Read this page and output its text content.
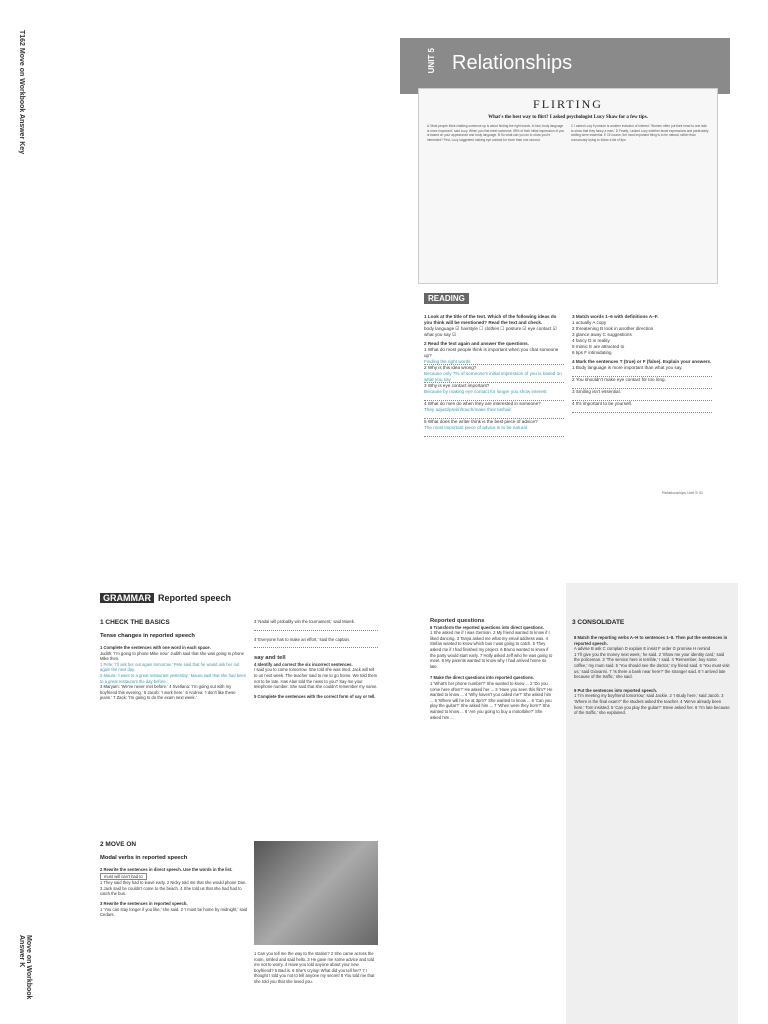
T162 Move on Workbook Answer Key
Move on Workbook Answer K
UNIT 5 Relationships
FLIRTING
What's the best way to flirt? I asked psychologist Lucy Shaw for a few tips.
A 'Most people think chatting someone up is about finding the right words. In fact, body language is more important,' said Lucy. When you first meet someone, 55% of their initial impression of you is based on your appearance and body language. B So what can you do to show you're interested? First, Lucy suggested making eye contact for more than one second.
C I asked Lucy if posture is another indicator of interest. 'Women often put their head to one side to show that they fancy a man.' D Finally, I asked Lucy whether facial expressions and particularly smiling were essential. E Of course, the most important thing is to be natural, rather than consciously trying to follow a list of tips.
READING
1 Look at the title of the text. Which of the following ideas do you think will be mentioned? Read the text and check.
body language ☑ hairstyle ☐ clothes ☐ posture ☑ eye contact ☑ what you say ☑
2 Read the text again and answer the questions.
1 What do most people think is important when you chat someone up?
Finding the right words
2 Why is this idea wrong?
Because only 7% of someone's initial impression of you is based on what you say
3 Why is eye contact important?
Because by making eye contact for longer you show interest
4 What do men do when they are interested in someone?
They adjust/preen/touch/make their tie/hair
5 What does the writer think is the best piece of advice?
The most important piece of advice is to be natural
3 Match words 1–6 with definitions A–F.
1 actually A copy
2 threatening B look in another direction
3 glance away C suggestions
4 fancy D in reality
5 mimic E are attracted to
6 tips F intimidating
4 Mark the sentences T (true) or F (false). Explain your answers.
1 Body language is more important than what you say.
2 You shouldn't make eye contact for too long.
3 Smiling isn't essential.
4 It's important to be yourself.
Relationships Unit 5 41
GRAMMAR Reported speech
1 CHECK THE BASICS
Tense changes in reported speech
1 Complete the sentences with one word in each space.
Judith: 'I'm going to phone Mike now.' Judith said that she was going to phone Mike then.
1 Pete: 'I'll ask her out again tomorrow.' Pete said that he would ask her out again the next day.
2 Maura: 'I went to a great restaurant yesterday.' Maura said that she had been to a great restaurant the day before.
3 Maryam: 'We've never met before.' 4 Svetlana: 'I'm going out with my boyfriend this evening.' 5 Jacob: 'I work here.' 6 Andrea: 'I don't like these jeans.' 7 Zack: 'I'm going to do the exam next week.'
2 MOVE ON
Modal verbs in reported speech
2 Rewrite the sentences in direct speech. Use the words in the list.
must will can't had to
1 They said they had to leave early. 2 Nicky told me that she would phone Dan. 3 Jack said he couldn't come to the beach. 4 She told us that she had had to catch the bus.
3 Rewrite the sentences in reported speech.
1 'You can stay longer if you like,' she said. 2 'I must be home by midnight,' said Cedars.
3 'Nadal will probably win the tournament,' said Marek.
4 'Everyone has to make an effort,' said the captain.
say and tell
4 Identify and correct the six incorrect sentences.
I said you to come tomorrow. She told she was tired. Jack will tell to us next week. The teacher said to me to go home. We told them not to be late. Has Alan told the news to you? Say me your telephone number. She said that she couldn't remember my name.
5 Complete the sentences with the correct form of say or tell.
1 Can you tell me the way to the station? 2 She came across the room, smiled and said hello. 3 He gave me some advice and told me not to worry. 4 Have you told anyone about your new boyfriend? 5 Bad is. 6 She's crying! What did you tell her? 7 I thought I told you not to tell anyone my secret! 8 You told me that she told you that she loved you.
Reported questions
6 Transform the reported questions into direct questions.
1 She asked me if I was German. 2 My friend wanted to know if I liked dancing. 3 Tanya asked me what my email address was. 4 Stefan wanted to know which bus I was going to catch. 5 They asked me if I had finished my project. 6 Bruno wanted to know if the party would start early. 7 Holly asked Jeff who he was going to meet. 8 My parents wanted to know why I had arrived home so late.
7 Make the direct questions into reported questions.
1 'What's her phone number?' She wanted to know ... 2 'Do you come here often?' He asked her ... 3 'Have you seen this film?' He wanted to know ... 4 'Why haven't you called me?' She asked him ... 5 'Where will he be at 3pm?' She wanted to know ... 6 'Can you play the guitar?' She asked him ... 7 'When were they born?' She wanted to know ... 8 'Are you going to buy a motorbike?' She asked him ...
3 CONSOLIDATE
8 Match the reporting verbs A–H to sentences 1–8. Then put the sentences in reported speech.
A advise B ask C complain D explain E insist F order G promise H remind
1 'I'll give you the money next week,' he said. 2 'Show me your identity card,' said the policeman. 3 'The service here is terrible,' I said. 4 'Remember, buy some coffee,' my mum said. 5 'You should see the doctor,' my friend said. 6 'You must visit us,' said Giovanni. 7 'Is there a bank near here?' the stranger said. 8 'I arrived late because of the traffic,' she said.
9 Put the sentences into reported speech.
1 'I'm meeting my boyfriend tomorrow,' said Jackie. 2 'I study here,' said Jacob. 3 'Where is the final exam?' the student asked the teacher. 4 'We've already been here,' Tom insisted. 5 'Can you play the guitar?' Steve asked her. 6 'I'm late because of the traffic,' she explained.
